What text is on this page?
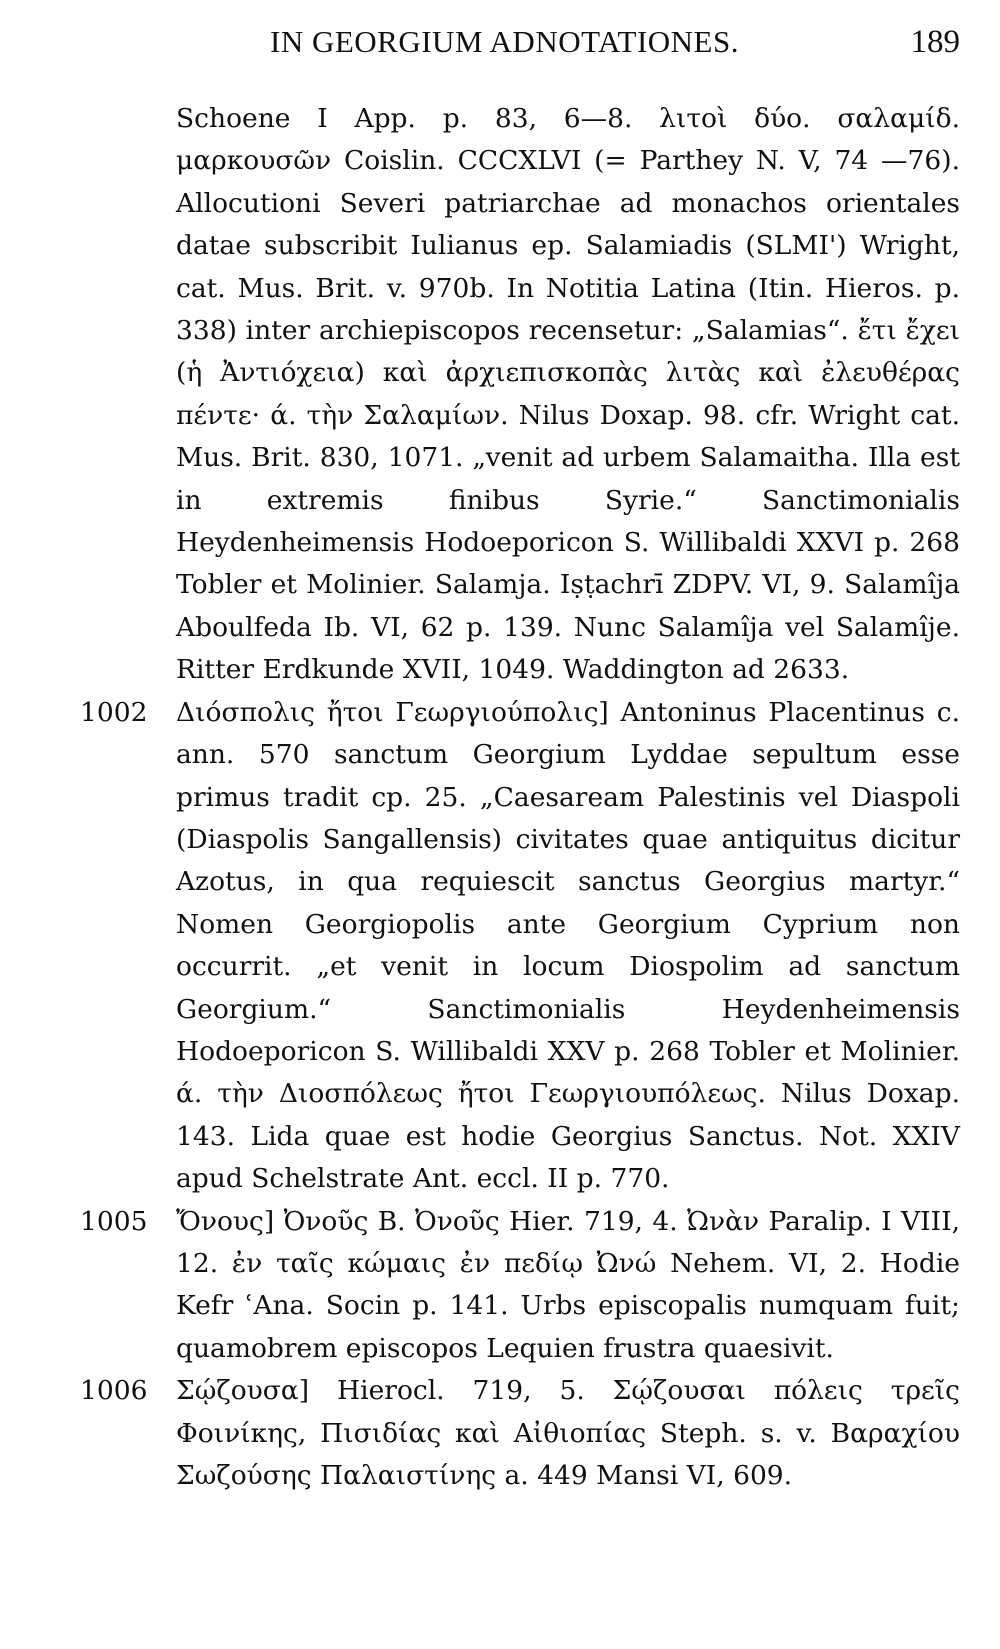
IN GEORGIUM ADNOTATIONES.	189
Schoene I App. p. 83, 6—8. λιτοὶ δύο. σαλαμίδ. μαρκουσῶν Coislin. CCCXLVI (= Parthey N. V, 74 —76). Allocutioni Severi patriarchae ad monachos orientales datae subscribit Iulianus ep. Salamiadis (SLMI') Wright, cat. Mus. Brit. v. 970b. In Notitia Latina (Itin. Hieros. p. 338) inter archiepiscopos recensetur: „Salamias“. ἔτι ἔχει (ἡ Ἀντιόχεια) καὶ ἀρχιεπισκοπὰς λιτὰς καὶ ἐλευθέρας πέντε· ά. τὴν Σαλαμίων. Nilus Doxap. 98. cfr. Wright cat. Mus. Brit. 830, 1071. „venit ad urbem Salamaitha. Illa est in extremis finibus Syrie.“ Sanctimonialis Heydenheimensis Hodoeporicon S. Willibaldi XXVI p. 268 Tobler et Molinier. Salamja. Iṣṭachrī ZDPV. VI, 9. Salamîja Aboulfeda Ib. VI, 62 p. 139. Nunc Salamîja vel Salamîje. Ritter Erdkunde XVII, 1049. Waddington ad 2633.
1002	Διόσπολις ἤτοι Γεωργιούπολις] Antoninus Placentinus c. ann. 570 sanctum Georgium Lyddae sepultum esse primus tradit cp. 25. „Caesaream Palestinis vel Diaspoli (Diaspolis Sangallensis) civitates quae antiquitus dicitur Azotus, in qua requiescit sanctus Georgius martyr.“ Nomen Georgiopolis ante Georgium Cyprium non occurrit. „et venit in locum Diospolim ad sanctum Georgium.“ Sanctimonialis Heydenheimensis Hodoeporicon S. Willibaldi XXV p. 268 Tobler et Molinier. ά. τὴν Διοσπόλεως ἤτοι Γεωργιουπόλεως. Nilus Doxap. 143. Lida quae est hodie Georgius Sanctus. Not. XXIV apud Schelstrate Ant. eccl. II p. 770.
1005	Ὄνους] Ὀνοῦς B. Ὀνοῦς Hier. 719, 4. Ὠνὰν Paralip. I VIII, 12. ἐν ταῖς κώμαις ἐν πεδίῳ Ὠνώ Nehem. VI, 2. Hodie Kefr ʿAna. Socin p. 141. Urbs episcopalis numquam fuit; quamobrem episcopos Lequien frustra quaesivit.
1006	Σῴζουσα] Hierocl. 719, 5. Σῴζουσαι πόλεις τρεῖς Φοινίκης, Πισιδίας καὶ Αἰθιοπίας Steph. s. v. Βαραχίου Σωζούσης Παλαιστίνης a. 449 Mansi VI, 609.
